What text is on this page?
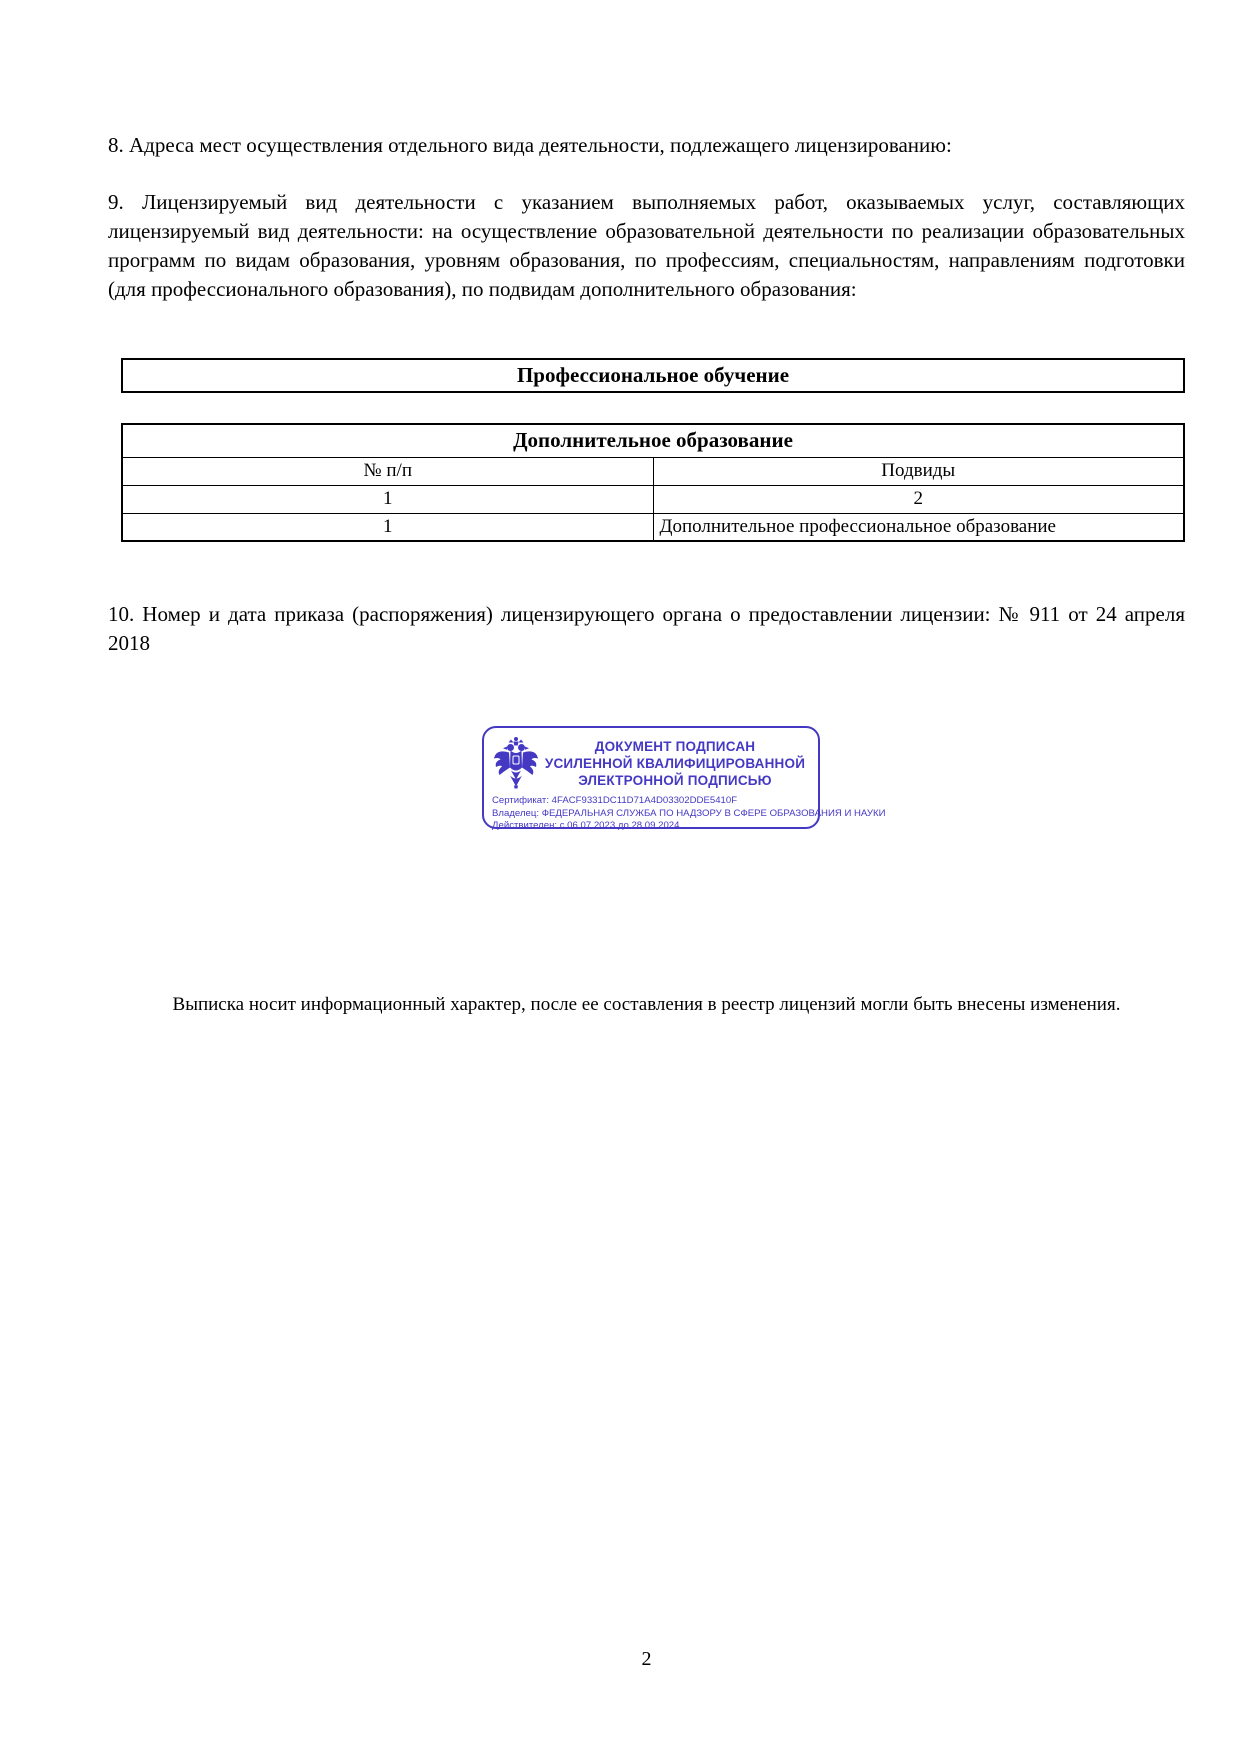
8. Адреса мест осуществления отдельного вида деятельности, подлежащего лицензированию:

9. Лицензируемый вид деятельности с указанием выполняемых работ, оказываемых услуг, составляющих лицензируемый вид деятельности: на осуществление образовательной деятельности по реализации образовательных программ по видам образования, уровням образования, по профессиям, специальностям, направлениям подготовки (для профессионального образования), по подвидам дополнительного образования:

Профессиональное обучение
Дополнительное образование	
№ п/п	Подвиды
1	2
1	Дополнительное профессиональное образование

10. Номер и дата приказа (распоряжения) лицензирующего органа о предоставлении лицензии: № 911 от 24 апреля 2018

ДОКУМЕНТ ПОДПИСАН
УСИЛЕННОЙ КВАЛИФИЦИРОВАННОЙ
ЭЛЕКТРОННОЙ ПОДПИСЬЮ
Сертификат: 4FACF9331DC11D71A4D03302DDE5410F
Владелец: ФЕДЕРАЛЬНАЯ СЛУЖБА ПО НАДЗОРУ В СФЕРЕ ОБРАЗОВАНИЯ И НАУКИ
Действителен: с 06.07.2023 до 28.09.2024

Выписка носит информационный характер, после ее составления в реестр лицензий могли быть внесены изменения.

2
